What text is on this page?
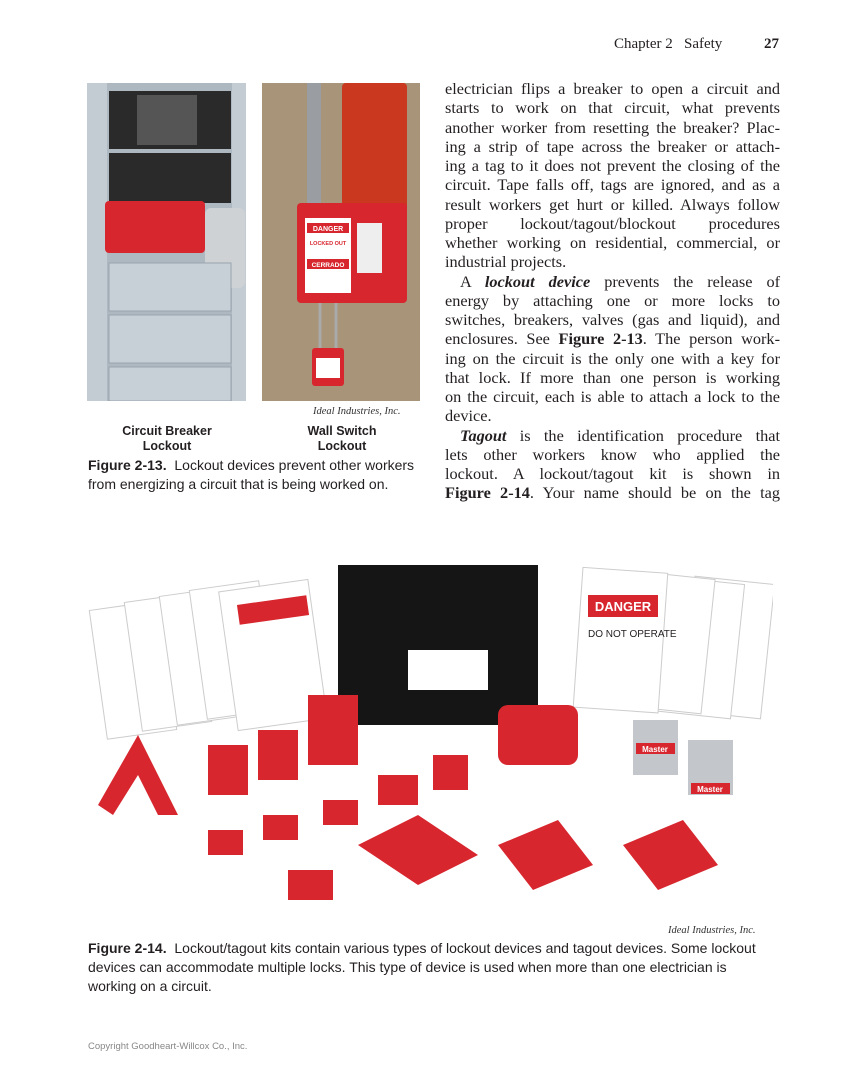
Chapter 2   Safety	27
electrician flips a breaker to open a circuit and
starts to work on that circuit, what prevents
another worker from resetting the breaker? Plac-
ing a strip of tape across the breaker or attach-
ing a tag to it does not prevent the closing of the
circuit. Tape falls off, tags are ignored, and as a
result workers get hurt or killed. Always follow
proper lockout/tagout/blockout procedures
whether working on residential, commercial, or
industrial projects.
A lockout device prevents the release of
energy by attaching one or more locks to
switches, breakers, valves (gas and liquid), and
enclosures. See Figure 2-13. The person work-
ing on the circuit is the only one with a key for
that lock. If more than one person is working
on the circuit, each is able to attach a lock to the
device.
Tagout is the identification procedure that
lets other workers know who applied the
lockout. A lockout/tagout kit is shown in
Figure 2-14. Your name should be on the tag
DANGER
LOCKED OUT
CERRADO
Ideal Industries, Inc.
Circuit Breaker
Lockout
Wall Switch
Lockout
Figure 2-13.  Lockout devices prevent other workers from energizing a circuit that is being worked on.
DANGER
DO NOT OPERATE
Master
Master
Ideal Industries, Inc.
Figure 2-14.  Lockout/tagout kits contain various types of lockout devices and tagout devices. Some lockout devices can accommodate multiple locks. This type of device is used when more than one electrician is working on a circuit.
Copyright Goodheart-Willcox Co., Inc.
